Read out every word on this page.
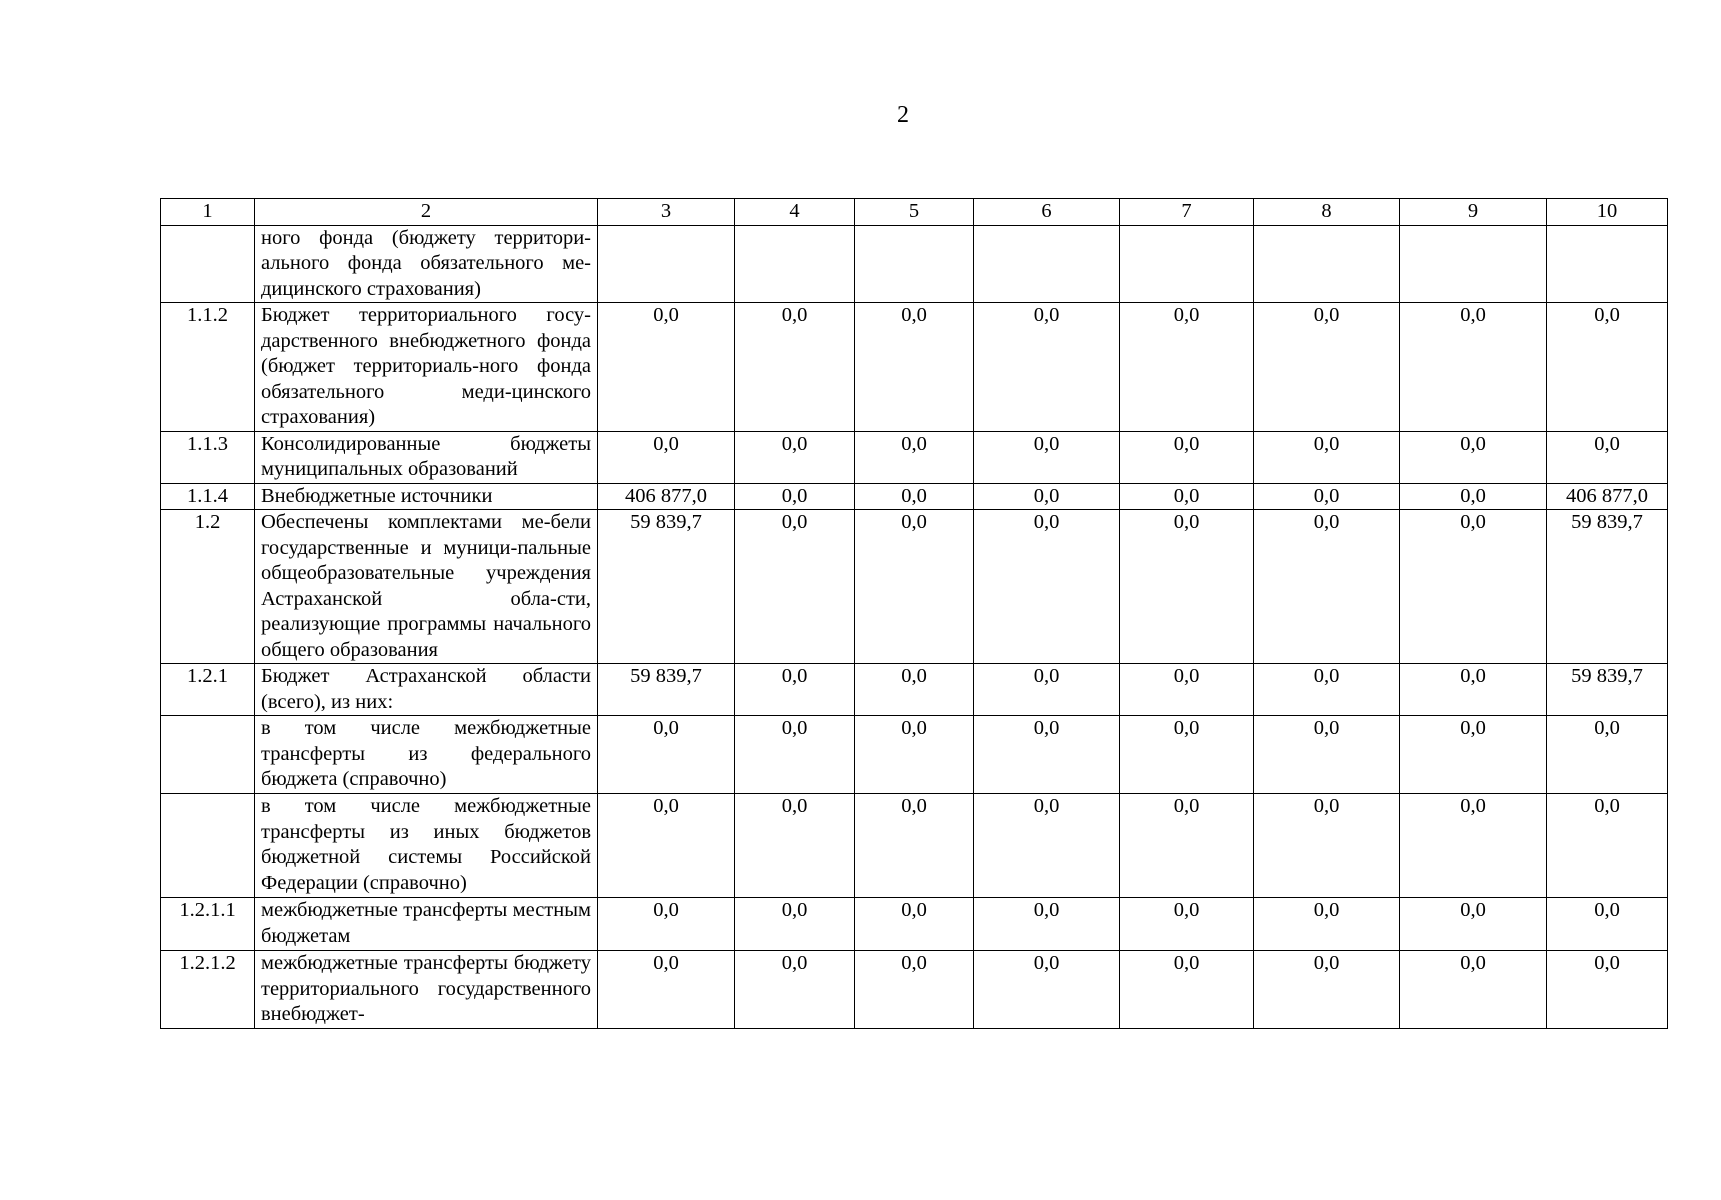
2
1	2	3	4	5	6	7	8	9	10
	ного фонда (бюджету территори-ального фонда обязательного ме-дицинского страхования)								
1.1.2	Бюджет территориального госу-дарственного внебюджетного фонда (бюджет территориаль-ного фонда обязательного меди-цинского страхования)	0,0	0,0	0,0	0,0	0,0	0,0	0,0	0,0
1.1.3	Консолидированные бюджеты муниципальных образований	0,0	0,0	0,0	0,0	0,0	0,0	0,0	0,0
1.1.4	Внебюджетные источники	406 877,0	0,0	0,0	0,0	0,0	0,0	0,0	406 877,0
1.2	Обеспечены комплектами ме-бели государственные и муници-пальные общеобразовательные учреждения Астраханской обла-сти, реализующие программы начального общего образования	59 839,7	0,0	0,0	0,0	0,0	0,0	0,0	59 839,7
1.2.1	Бюджет Астраханской области (всего), из них:	59 839,7	0,0	0,0	0,0	0,0	0,0	0,0	59 839,7
	в том числе межбюджетные трансферты из федерального бюджета (справочно)	0,0	0,0	0,0	0,0	0,0	0,0	0,0	0,0
	в том числе межбюджетные трансферты из иных бюджетов бюджетной системы Российской Федерации (справочно)	0,0	0,0	0,0	0,0	0,0	0,0	0,0	0,0
1.2.1.1	межбюджетные трансферты местным бюджетам	0,0	0,0	0,0	0,0	0,0	0,0	0,0	0,0
1.2.1.2	межбюджетные трансферты бюджету территориального государственного внебюджет-	0,0	0,0	0,0	0,0	0,0	0,0	0,0	0,0
